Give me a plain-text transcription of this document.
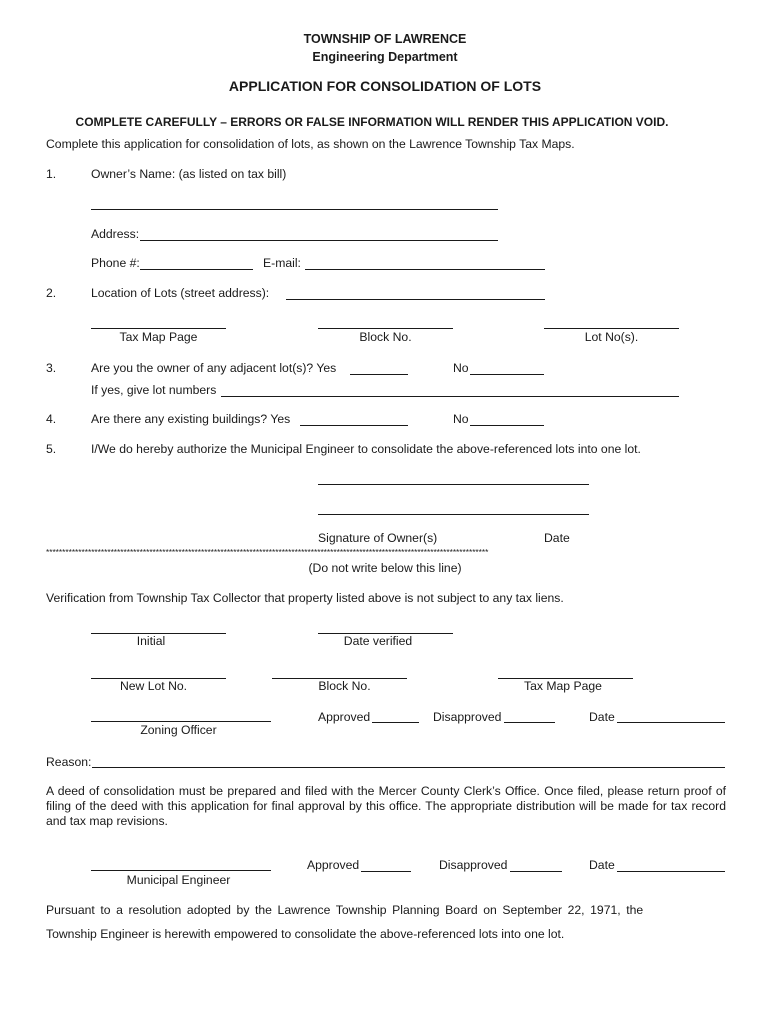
TOWNSHIP OF LAWRENCE
Engineering Department
APPLICATION FOR CONSOLIDATION OF LOTS
COMPLETE CAREFULLY – ERRORS OR FALSE INFORMATION WILL RENDER THIS APPLICATION VOID.
Complete this application for consolidation of lots, as shown on the Lawrence Township Tax Maps.
1.	Owner’s Name: (as listed on tax bill)
Address:
Phone #:	E-mail:
2.	Location of Lots (street address):
Tax Map Page	Block No.	Lot No(s).
3.	Are you the owner of any adjacent lot(s)? Yes	No
If yes, give lot numbers
4.	Are there any existing buildings? Yes	No
5.	I/We do hereby authorize the Municipal Engineer to consolidate the above-referenced lots into one lot.
Signature of Owner(s)	Date
*****************************************************************************************************************************************
(Do not write below this line)
Verification from Township Tax Collector that property listed above is not subject to any tax liens.
Initial	Date verified
New Lot No.	Block No.	Tax Map Page
Zoning Officer
Approved	Disapproved	Date
Reason:
A deed of consolidation must be prepared and filed with the Mercer County Clerk’s Office. Once filed, please return proof of filing of the deed with this application for final approval by this office. The appropriate distribution will be made for tax record and tax map revisions.
Municipal Engineer
Approved	Disapproved	Date
Pursuant to a resolution adopted by the Lawrence Township Planning Board on September 22, 1971, the
Township Engineer is herewith empowered to consolidate the above-referenced lots into one lot.
